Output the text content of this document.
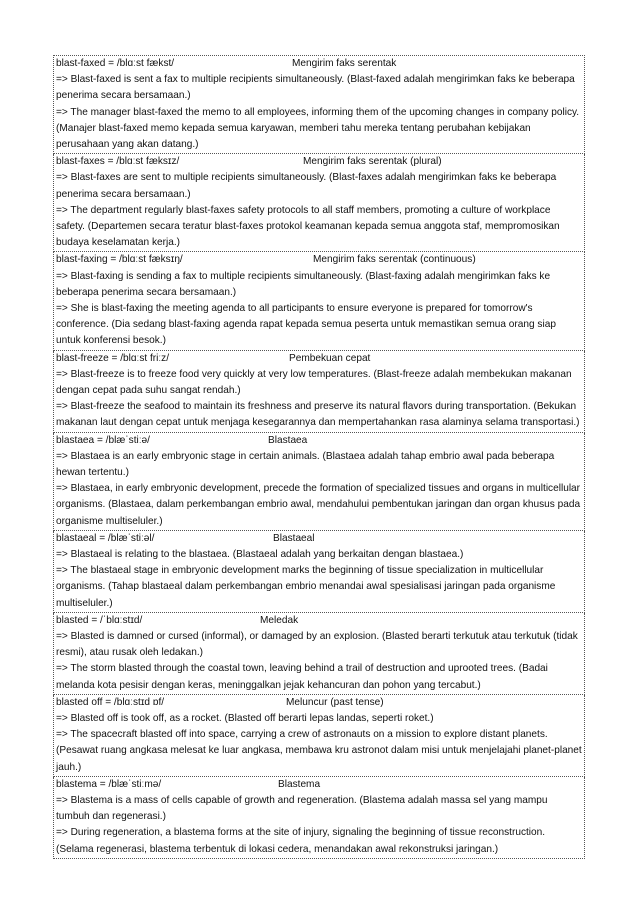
blast-faxed = /blɑːst fækst/	Mengirim faks serentak
=> Blast-faxed is sent a fax to multiple recipients simultaneously. (Blast-faxed adalah mengirimkan faks ke beberapa penerima secara bersamaan.)
=> The manager blast-faxed the memo to all employees, informing them of the upcoming changes in company policy. (Manajer blast-faxed memo kepada semua karyawan, memberi tahu mereka tentang perubahan kebijakan perusahaan yang akan datang.)
blast-faxes = /blɑːst fæksɪz/	Mengirim faks serentak (plural)
=> Blast-faxes are sent to multiple recipients simultaneously. (Blast-faxes adalah mengirimkan faks ke beberapa penerima secara bersamaan.)
=> The department regularly blast-faxes safety protocols to all staff members, promoting a culture of workplace safety. (Departemen secara teratur blast-faxes protokol keamanan kepada semua anggota staf, mempromosikan budaya keselamatan kerja.)
blast-faxing = /blɑːst fæksɪŋ/	Mengirim faks serentak (continuous)
=> Blast-faxing is sending a fax to multiple recipients simultaneously. (Blast-faxing adalah mengirimkan faks ke beberapa penerima secara bersamaan.)
=> She is blast-faxing the meeting agenda to all participants to ensure everyone is prepared for tomorrow's conference. (Dia sedang blast-faxing agenda rapat kepada semua peserta untuk memastikan semua orang siap untuk konferensi besok.)
blast-freeze = /blɑːst friːz/	Pembekuan cepat
=> Blast-freeze is to freeze food very quickly at very low temperatures. (Blast-freeze adalah membekukan makanan dengan cepat pada suhu sangat rendah.)
=> Blast-freeze the seafood to maintain its freshness and preserve its natural flavors during transportation. (Bekukan makanan laut dengan cepat untuk menjaga kesegarannya dan mempertahankan rasa alaminya selama transportasi.)
blastaea = /blæˈstiːə/	Blastaea
=> Blastaea is an early embryonic stage in certain animals. (Blastaea adalah tahap embrio awal pada beberapa hewan tertentu.)
=> Blastaea, in early embryonic development, precede the formation of specialized tissues and organs in multicellular organisms. (Blastaea, dalam perkembangan embrio awal, mendahului pembentukan jaringan dan organ khusus pada organisme multiseluler.)
blastaeal = /blæˈstiːəl/	Blastaeal
=> Blastaeal is relating to the blastaea. (Blastaeal adalah yang berkaitan dengan blastaea.)
=> The blastaeal stage in embryonic development marks the beginning of tissue specialization in multicellular organisms. (Tahap blastaeal dalam perkembangan embrio menandai awal spesialisasi jaringan pada organisme multiseluler.)
blasted = /ˈblɑːstɪd/	Meledak
=> Blasted is damned or cursed (informal), or damaged by an explosion. (Blasted berarti terkutuk atau terkutuk (tidak resmi), atau rusak oleh ledakan.)
=> The storm blasted through the coastal town, leaving behind a trail of destruction and uprooted trees. (Badai melanda kota pesisir dengan keras, meninggalkan jejak kehancuran dan pohon yang tercabut.)
blasted off = /blɑːstɪd ɒf/	Meluncur (past tense)
=> Blasted off is took off, as a rocket. (Blasted off berarti lepas landas, seperti roket.)
=> The spacecraft blasted off into space, carrying a crew of astronauts on a mission to explore distant planets. (Pesawat ruang angkasa melesat ke luar angkasa, membawa kru astronot dalam misi untuk menjelajahi planet-planet jauh.)
blastema = /blæˈstiːmə/	Blastema
=> Blastema is a mass of cells capable of growth and regeneration. (Blastema adalah massa sel yang mampu tumbuh dan regenerasi.)
=> During regeneration, a blastema forms at the site of injury, signaling the beginning of tissue reconstruction. (Selama regenerasi, blastema terbentuk di lokasi cedera, menandakan awal rekonstruksi jaringan.)
